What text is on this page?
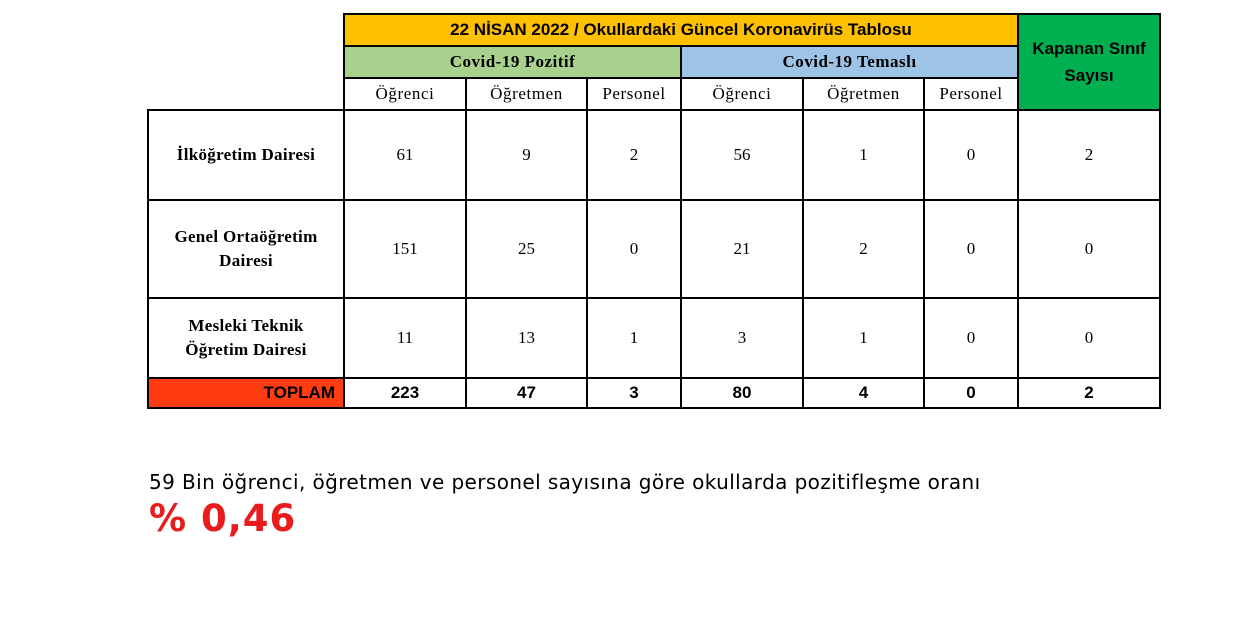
	22 NİSAN 2022 / Okullardaki Güncel Koronavirüs Tablosu						Kapanan Sınıf Sayısı
	Covid-19 Pozitif			Covid-19 Temaslı			
	Öğrenci	Öğretmen	Personel	Öğrenci	Öğretmen	Personel	
İlköğretim Dairesi	61	9	2	56	1	0	2
Genel Ortaöğretim
Dairesi	151	25	0	21	2	0	0
Mesleki Teknik
Öğretim Dairesi	11	13	1	3	1	0	0
TOPLAM	223	47	3	80	4	0	2

59 Bin öğrenci, öğretmen ve personel sayısına göre okullarda pozitifleşme oranı

% 0,46
